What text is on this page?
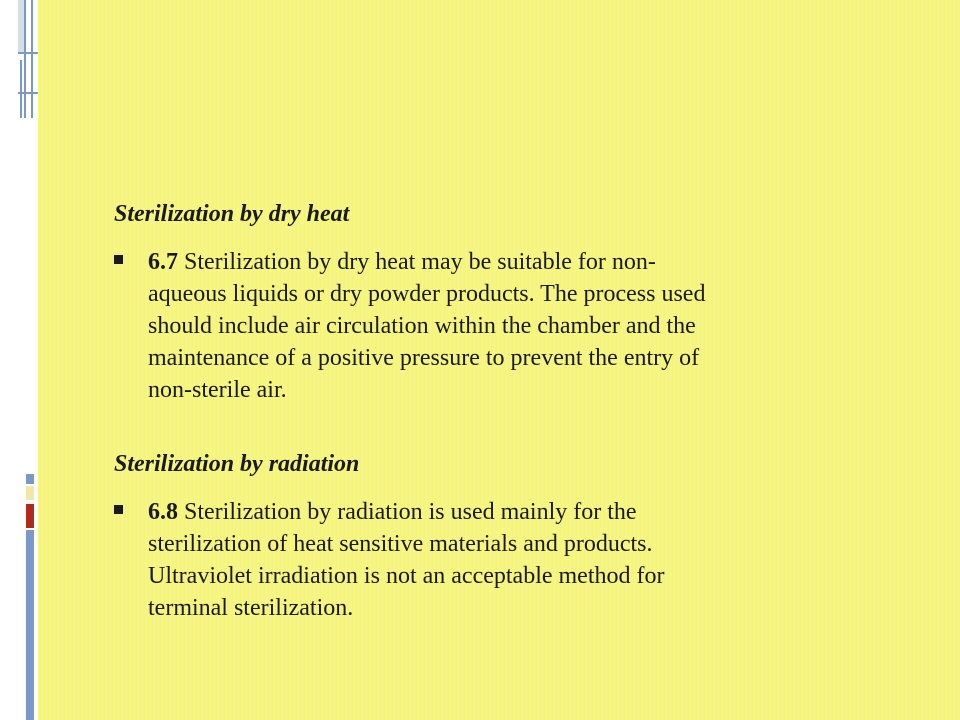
Sterilization by dry heat

6.7 Sterilization by dry heat may be suitable for non-
aqueous liquids or dry powder products. The process used
should include air circulation within the chamber and the
maintenance of a positive pressure to prevent the entry of
non-sterile air.

Sterilization by radiation

6.8 Sterilization by radiation is used mainly for the
sterilization of heat sensitive materials and products.
Ultraviolet irradiation is not an acceptable method for
terminal sterilization.
